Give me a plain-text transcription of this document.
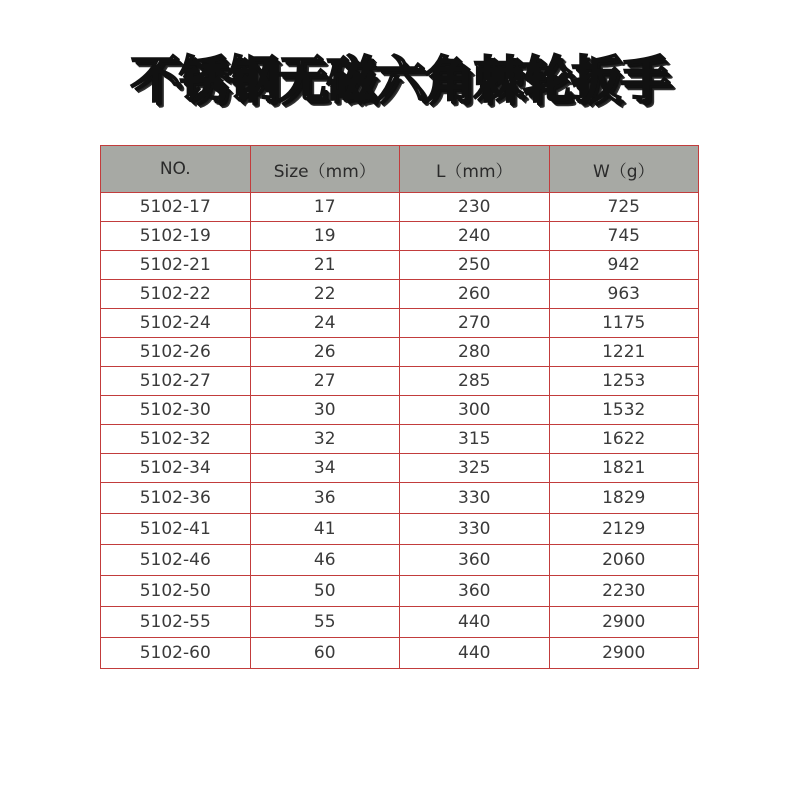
不锈钢无磁六角棘轮扳手
NO.	Size（mm）	L（mm）	W（g）
5102-17	17	230	725
5102-19	19	240	745
5102-21	21	250	942
5102-22	22	260	963
5102-24	24	270	1175
5102-26	26	280	1221
5102-27	27	285	1253
5102-30	30	300	1532
5102-32	32	315	1622
5102-34	34	325	1821
5102-36	36	330	1829
5102-41	41	330	2129
5102-46	46	360	2060
5102-50	50	360	2230
5102-55	55	440	2900
5102-60	60	440	2900
